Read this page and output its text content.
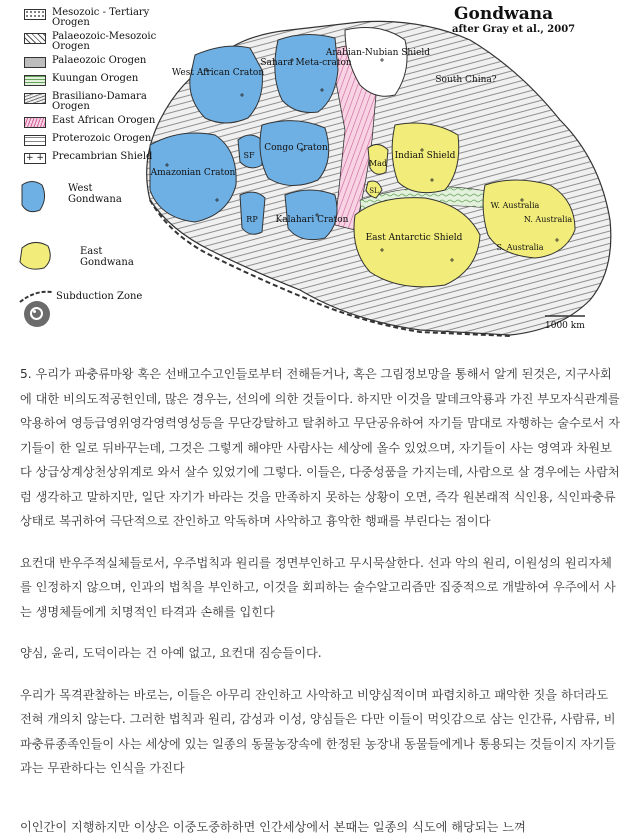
West African Craton
Sahara Meta-craton
Arabian-Nubian Shield
South China?
Amazonian Craton
SF
Congo Craton
RP Kalahari Craton
Mad
Indian Shield
SL
East Antarctic Shield
W. Australia
N. Australia
S. Australia
Mesozoic - Tertiary Orogen
Palaeozoic-Mesozoic Orogen
Palaeozoic Orogen
Kuungan Orogen
Brasiliano-Damara Orogen
East African Orogen
Proterozoic Orogen
+ + Precambrian Shield
Gondwana
after Gray et al., 2007
West Gondwana
East Gondwana
Subduction Zone
1000 km

5. 우리가 파충류마왕 혹은 선배고수고인들로부터 전해듣거나, 혹은 그림정보망을 통해서 알게 된것은, 지구사회에 대한 비의도적공헌인데, 많은 경우는, 선의에 의한 것들이다. 하지만 이것을 말데크악룡과 가진 부모자식관계를 악용하여 영등급영위영각영력영성등을 무단강탈하고 탈취하고 무단공유하여 자기들 맘대로 자행하는 술수로서 자기들이 한 일로 뒤바꾸는데, 그것은 그렇게 해야만 사람사는 세상에 올수 있었으며, 자기들이 사는 영역과 차원보다 상급상계상천상위계로 와서 살수 있었기에 그렇다. 이들은, 다중성품을 가지는데, 사람으로 살 경우에는 사람처럼 생각하고 말하지만, 일단 자기가 바라는 것을 만족하지 못하는 상황이 오면, 즉각 원본래적 식인용, 식인파충류상태로 복귀하여 극단적으로 잔인하고 악독하며 사악하고 흉악한 행패를 부린다는 점이다

요컨대 반우주적실체들로서, 우주법칙과 원리를 정면부인하고 무시묵살한다. 선과 악의 원리, 이원성의 원리자체를 인정하지 않으며, 인과의 법칙을 부인하고, 이것을 회피하는 술수알고리즘만 집중적으로 개발하여 우주에서 사는 생명체들에게 치명적인 타격과 손해를 입힌다

양심, 윤리, 도덕이라는 건 아예 없고, 요컨대 짐승들이다.

우리가 목격관찰하는 바로는, 이들은 아무리 잔인하고 사악하고 비양심적이며 파렴치하고 패악한 짓을 하더라도 전혀 개의치 않는다. 그러한 법칙과 원리, 감성과 이성, 양심들은 다만 이들이 먹잇감으로 삼는 인간류, 사람류, 비파충류종족인들이 사는 세상에 있는 일종의 동물농장속에 한정된 농장내 동물들에게나 통용되는 것들이지 자기들과는 무관하다는 인식을 가진다

이인간이 지행하지만 이상은 이중도중하하면 인간세상에서 본때는 일종의 식도에 해당되는 느껴
